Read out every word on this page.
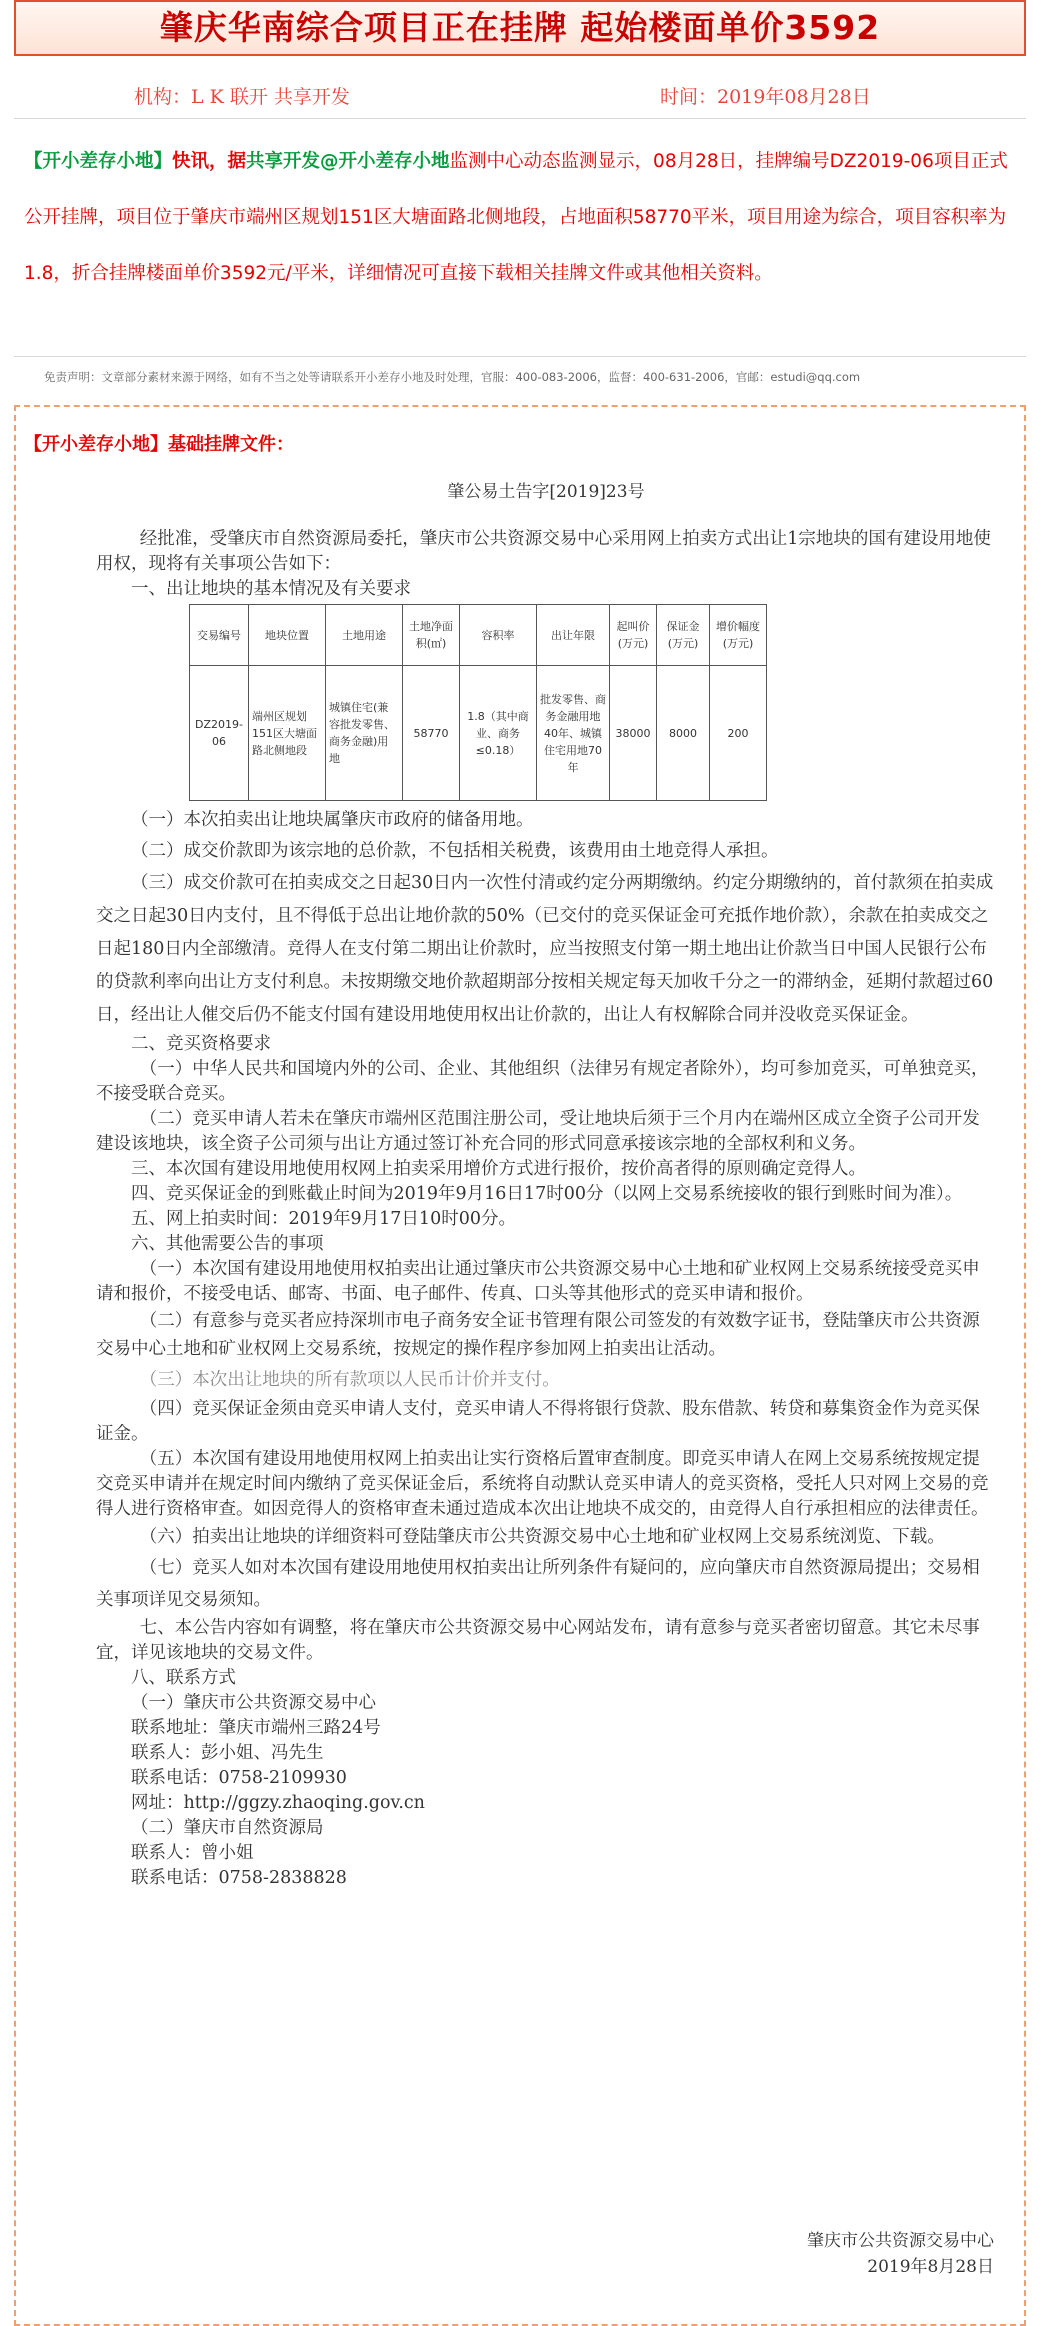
肇庆华南综合项目正在挂牌 起始楼面单价3592
机构：L K 联开 共享开发	时间：2019年08月28日
【开小差存小地】快讯，据共享开发@开小差存小地监测中心动态监测显示，08月28日，挂牌编号DZ2019-06项目正式公开挂牌，项目位于肇庆市端州区规划151区大塘面路北侧地段，占地面积58770平米，项目用途为综合，项目容积率为1.8，折合挂牌楼面单价3592元/平米，详细情况可直接下载相关挂牌文件或其他相关资料。
免责声明：文章部分素材来源于网络，如有不当之处等请联系开小差存小地及时处理，官服：400-083-2006，监督：400-631-2006，官邮：estudi@qq.com
【开小差存小地】基础挂牌文件：

肇公易土告字[2019]23号

经批准，受肇庆市自然资源局委托，肇庆市公共资源交易中心采用网上拍卖方式出让1宗地块的国有建设用地使用权，现将有关事项公告如下：

一、出让地块的基本情况及有关要求

交易编号	地块位置	土地用途	土地净面积(㎡)	容积率	出让年限	起叫价(万元)	保证金(万元)	增价幅度(万元)
DZ2019-06	端州区规划151区大塘面路北侧地段	城镇住宅(兼容批发零售、商务金融)用地	58770	1.8（其中商业、商务≤0.18）	批发零售、商务金融用地40年、城镇住宅用地70年	38000	8000	200

（一）本次拍卖出让地块属肇庆市政府的储备用地。

（二）成交价款即为该宗地的总价款，不包括相关税费，该费用由土地竞得人承担。

（三）成交价款可在拍卖成交之日起30日内一次性付清或约定分两期缴纳。约定分期缴纳的，首付款须在拍卖成交之日起30日内支付，且不得低于总出让地价款的50%（已交付的竞买保证金可充抵作地价款），余款在拍卖成交之日起180日内全部缴清。竞得人在支付第二期出让价款时，应当按照支付第一期土地出让价款当日中国人民银行公布的贷款利率向出让方支付利息。未按期缴交地价款超期部分按相关规定每天加收千分之一的滞纳金，延期付款超过60日，经出让人催交后仍不能支付国有建设用地使用权出让价款的，出让人有权解除合同并没收竞买保证金。

二、竞买资格要求

（一）中华人民共和国境内外的公司、企业、其他组织（法律另有规定者除外），均可参加竞买，可单独竞买，不接受联合竞买。

（二）竞买申请人若未在肇庆市端州区范围注册公司，受让地块后须于三个月内在端州区成立全资子公司开发建设该地块，该全资子公司须与出让方通过签订补充合同的形式同意承接该宗地的全部权利和义务。

三、本次国有建设用地使用权网上拍卖采用增价方式进行报价，按价高者得的原则确定竞得人。

四、竞买保证金的到账截止时间为2019年9月16日17时00分（以网上交易系统接收的银行到账时间为准）。

五、网上拍卖时间：2019年9月17日10时00分。

六、其他需要公告的事项

（一）本次国有建设用地使用权拍卖出让通过肇庆市公共资源交易中心土地和矿业权网上交易系统接受竞买申请和报价，不接受电话、邮寄、书面、电子邮件、传真、口头等其他形式的竞买申请和报价。

（二）有意参与竞买者应持深圳市电子商务安全证书管理有限公司签发的有效数字证书，登陆肇庆市公共资源交易中心土地和矿业权网上交易系统，按规定的操作程序参加网上拍卖出让活动。

（三）本次出让地块的所有款项以人民币计价并支付。

（四）竞买保证金须由竞买申请人支付，竞买申请人不得将银行贷款、股东借款、转贷和募集资金作为竞买保证金。

（五）本次国有建设用地使用权网上拍卖出让实行资格后置审查制度。即竞买申请人在网上交易系统按规定提交竞买申请并在规定时间内缴纳了竞买保证金后，系统将自动默认竞买申请人的竞买资格，受托人只对网上交易的竞得人进行资格审查。如因竞得人的资格审查未通过造成本次出让地块不成交的，由竞得人自行承担相应的法律责任。

（六）拍卖出让地块的详细资料可登陆肇庆市公共资源交易中心土地和矿业权网上交易系统浏览、下载。

（七）竞买人如对本次国有建设用地使用权拍卖出让所列条件有疑问的，应向肇庆市自然资源局提出；交易相关事项详见交易须知。

七、本公告内容如有调整，将在肇庆市公共资源交易中心网站发布，请有意参与竞买者密切留意。其它未尽事宜，详见该地块的交易文件。

八、联系方式

（一）肇庆市公共资源交易中心

联系地址：肇庆市端州三路24号

联系人：彭小姐、冯先生

联系电话：0758-2109930

网址：http://ggzy.zhaoqing.gov.cn

（二）肇庆市自然资源局

联系人：曾小姐

联系电话：0758-2838828

肇庆市公共资源交易中心
2019年8月28日
